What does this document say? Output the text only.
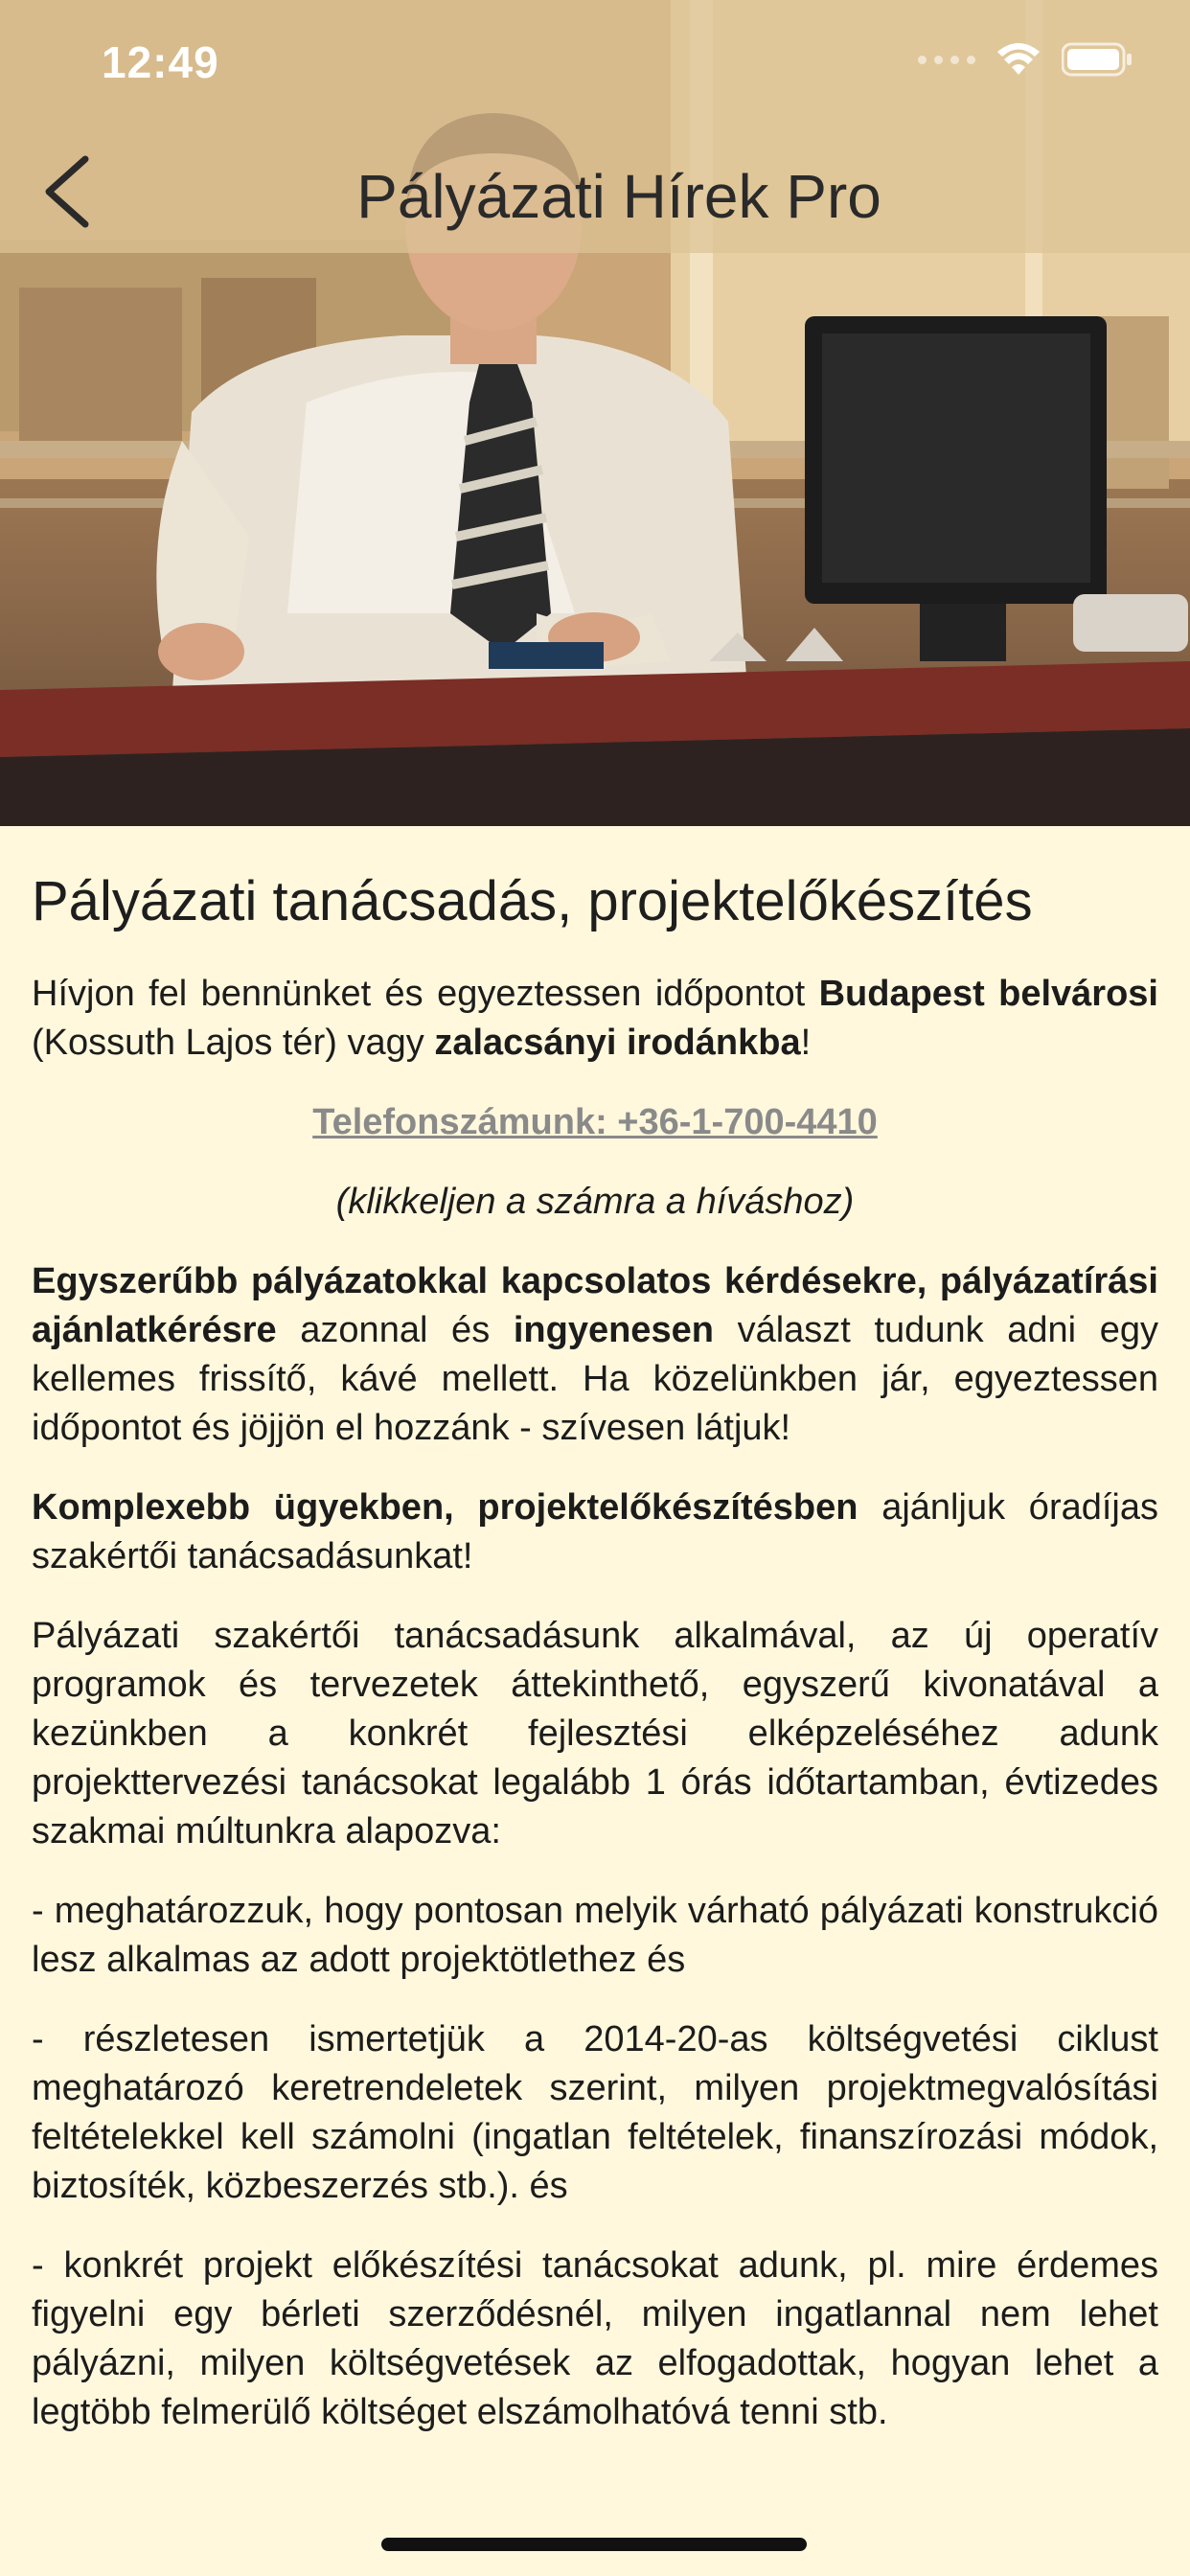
12:49
Pályázati Hírek Pro
Pályázati tanácsadás, projektelőkészítés

Hívjon fel bennünket és egyeztessen időpontot Budapest belvárosi (Kossuth Lajos tér) vagy zalacsányi irodánkba!

Telefonszámunk: +36-1-700-4410

(klikkeljen a számra a híváshoz)

Egyszerűbb pályázatokkal kapcsolatos kérdésekre, pályázatírási ajánlatkérésre azonnal és ingyenesen választ tudunk adni egy kellemes frissítő, kávé mellett. Ha közelünkben jár, egyeztessen időpontot és jöjjön el hozzánk - szívesen látjuk!

Komplexebb ügyekben, projektelőkészítésben ajánljuk óradíjas szakértői tanácsadásunkat!

Pályázati szakértői tanácsadásunk alkalmával, az új operatív programok és tervezetek áttekinthető, egyszerű kivonatával a kezünkben a konkrét fejlesztési elképzeléséhez adunk projekttervezési tanácsokat legalább 1 órás időtartamban, évtizedes szakmai múltunkra alapozva:

- meghatározzuk, hogy pontosan melyik várható pályázati konstrukció lesz alkalmas az adott projektötlethez és

- részletesen ismertetjük a 2014-20-as költségvetési ciklust meghatározó keretrendeletek szerint, milyen projektmegvalósítási feltételekkel kell számolni (ingatlan feltételek, finanszírozási módok, biztosíték, közbeszerzés stb.). és

- konkrét projekt előkészítési tanácsokat adunk, pl. mire érdemes figyelni egy bérleti szerződésnél, milyen ingatlannal nem lehet pályázni, milyen költségvetések az elfogadottak, hogyan lehet a legtöbb felmerülő költséget elszámolhatóvá tenni stb.
